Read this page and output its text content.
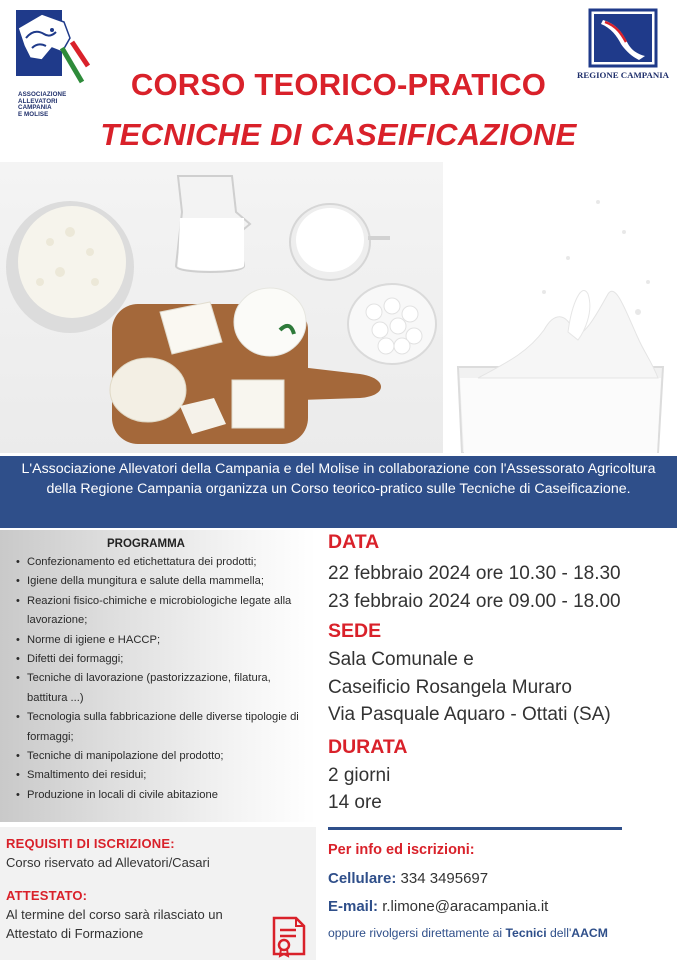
ASSOCIAZIONE
ALLEVATORI
CAMPANIA
E MOLISE
REGIONE CAMPANIA
CORSO TEORICO-PRATICO
TECNICHE DI CASEIFICAZIONE
L'Associazione Allevatori della Campania e del Molise in collaborazione con l'Assessorato Agricoltura della Regione Campania organizza un Corso teorico-pratico sulle Tecniche di Caseificazione.
PROGRAMMA
• Confezionamento ed etichettatura dei prodotti;
• Igiene della mungitura e salute della mammella;
• Reazioni fisico-chimiche e microbiologiche legate alla lavorazione;
• Norme di igiene e HACCP;
• Difetti dei formaggi;
• Tecniche di lavorazione (pastorizzazione, filatura, battitura ...)
• Tecnologia sulla fabbricazione delle diverse tipologie di formaggi;
• Tecniche di manipolazione del prodotto;
• Smaltimento dei residui;
• Produzione in locali di civile abitazione
REQUISITI DI ISCRIZIONE:
Corso riservato ad Allevatori/Casari
ATTESTATO:
Al termine del corso sarà rilasciato un Attestato di Formazione
DATA
22 febbraio 2024 ore 10.30 - 18.30
23 febbraio 2024 ore 09.00 - 18.00
SEDE
Sala Comunale e
Caseificio Rosangela Muraro
Via Pasquale Aquaro - Ottati (SA)
DURATA
2 giorni
14 ore
Per info ed iscrizioni:
Cellulare: 334 3495697
E-mail: r.limone@aracampania.it
oppure rivolgersi direttamente ai Tecnici dell'AACM
